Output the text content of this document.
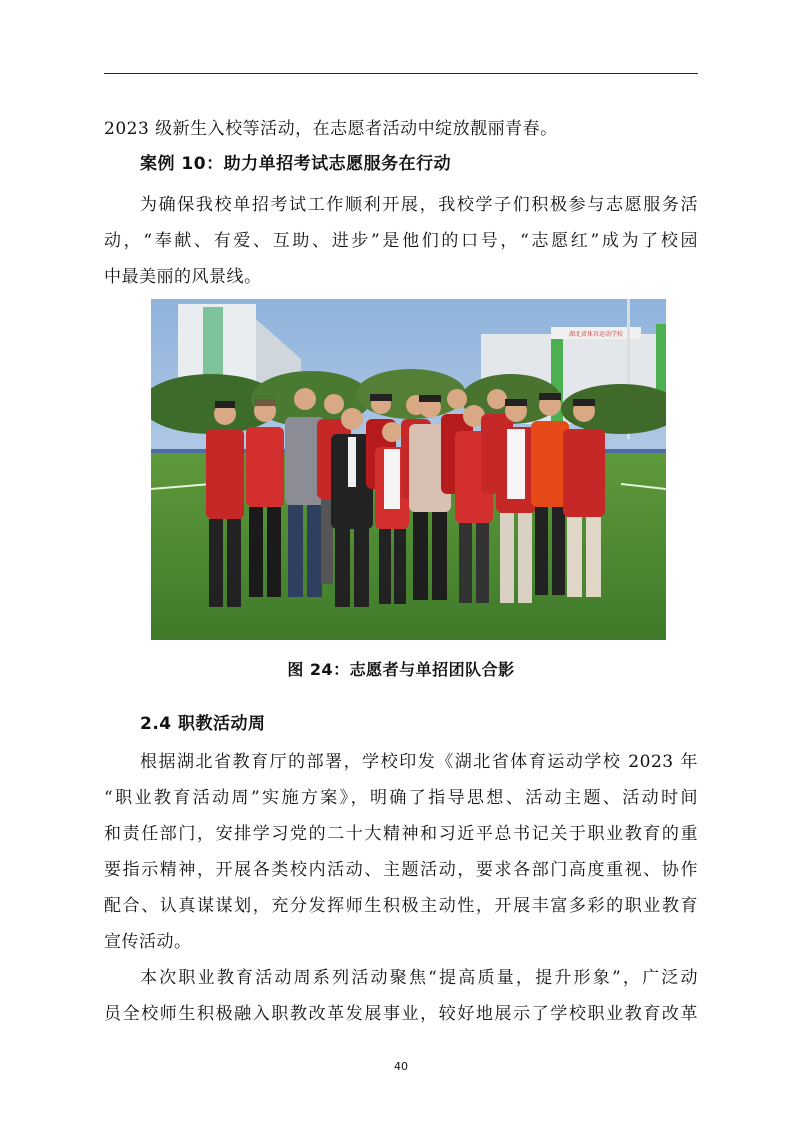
2023 级新生入校等活动，在志愿者活动中绽放靓丽青春。
案例 10：助力单招考试志愿服务在行动
为确保我校单招考试工作顺利开展，我校学子们积极参与志愿服务活
动，“奉献、有爱、互助、进步”是他们的口号，“志愿红”成为了校园
中最美丽的风景线。
湖北省体育运动学校
图 24：志愿者与单招团队合影
2.4 职教活动周
根据湖北省教育厅的部署，学校印发《湖北省体育运动学校 2023 年
“职业教育活动周”实施方案》，明确了指导思想、活动主题、活动时间
和责任部门，安排学习党的二十大精神和习近平总书记关于职业教育的重
要指示精神，开展各类校内活动、主题活动，要求各部门高度重视、协作
配合、认真谋谋划，充分发挥师生积极主动性，开展丰富多彩的职业教育
宣传活动。
本次职业教育活动周系列活动聚焦“提高质量，提升形象”，广泛动
员全校师生积极融入职教改革发展事业，较好地展示了学校职业教育改革
40
